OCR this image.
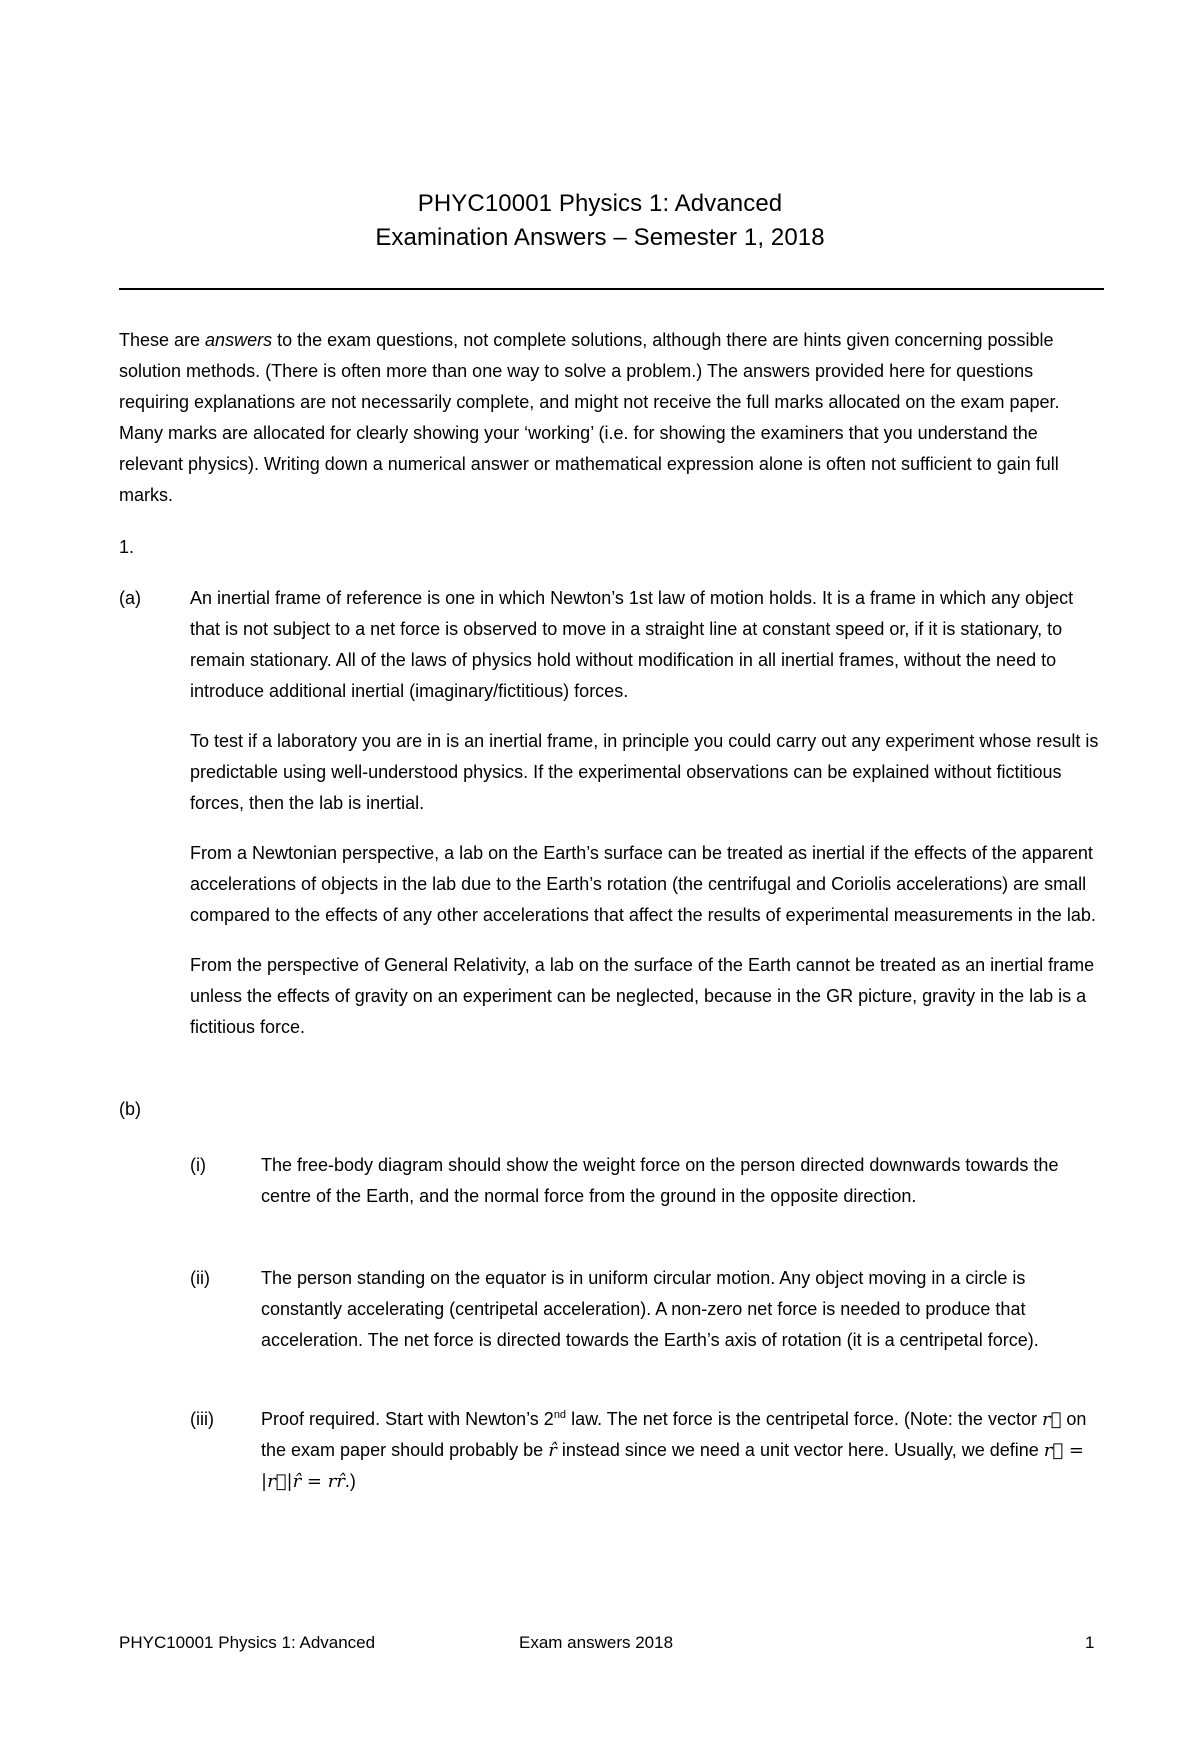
PHYC10001 Physics 1: Advanced
Examination Answers – Semester 1, 2018
These are answers to the exam questions, not complete solutions, although there are hints given concerning possible solution methods. (There is often more than one way to solve a problem.) The answers provided here for questions requiring explanations are not necessarily complete, and might not receive the full marks allocated on the exam paper. Many marks are allocated for clearly showing your ‘working’ (i.e. for showing the examiners that you understand the relevant physics). Writing down a numerical answer or mathematical expression alone is often not sufficient to gain full marks.
1.
(a)	An inertial frame of reference is one in which Newton’s 1st law of motion holds. It is a frame in which any object that is not subject to a net force is observed to move in a straight line at constant speed or, if it is stationary, to remain stationary. All of the laws of physics hold without modification in all inertial frames, without the need to introduce additional inertial (imaginary/fictitious) forces.

To test if a laboratory you are in is an inertial frame, in principle you could carry out any experiment whose result is predictable using well-understood physics. If the experimental observations can be explained without fictitious forces, then the lab is inertial.

From a Newtonian perspective, a lab on the Earth’s surface can be treated as inertial if the effects of the apparent accelerations of objects in the lab due to the Earth’s rotation (the centrifugal and Coriolis accelerations) are small compared to the effects of any other accelerations that affect the results of experimental measurements in the lab.

From the perspective of General Relativity, a lab on the surface of the Earth cannot be treated as an inertial frame unless the effects of gravity on an experiment can be neglected, because in the GR picture, gravity in the lab is a fictitious force.

(b)
(i)	The free-body diagram should show the weight force on the person directed downwards towards the centre of the Earth, and the normal force from the ground in the opposite direction.
(ii)	The person standing on the equator is in uniform circular motion. Any object moving in a circle is constantly accelerating (centripetal acceleration). A non-zero net force is needed to produce that acceleration. The net force is directed towards the Earth’s axis of rotation (it is a centripetal force).
(iii)	Proof required. Start with Newton’s 2nd law. The net force is the centripetal force. (Note: the vector r on the exam paper should probably be r̂ instead since we need a unit vector here. Usually, we define r = |r|r̂ = rr̂.)
PHYC10001 Physics 1: Advanced	Exam answers 2018	1
